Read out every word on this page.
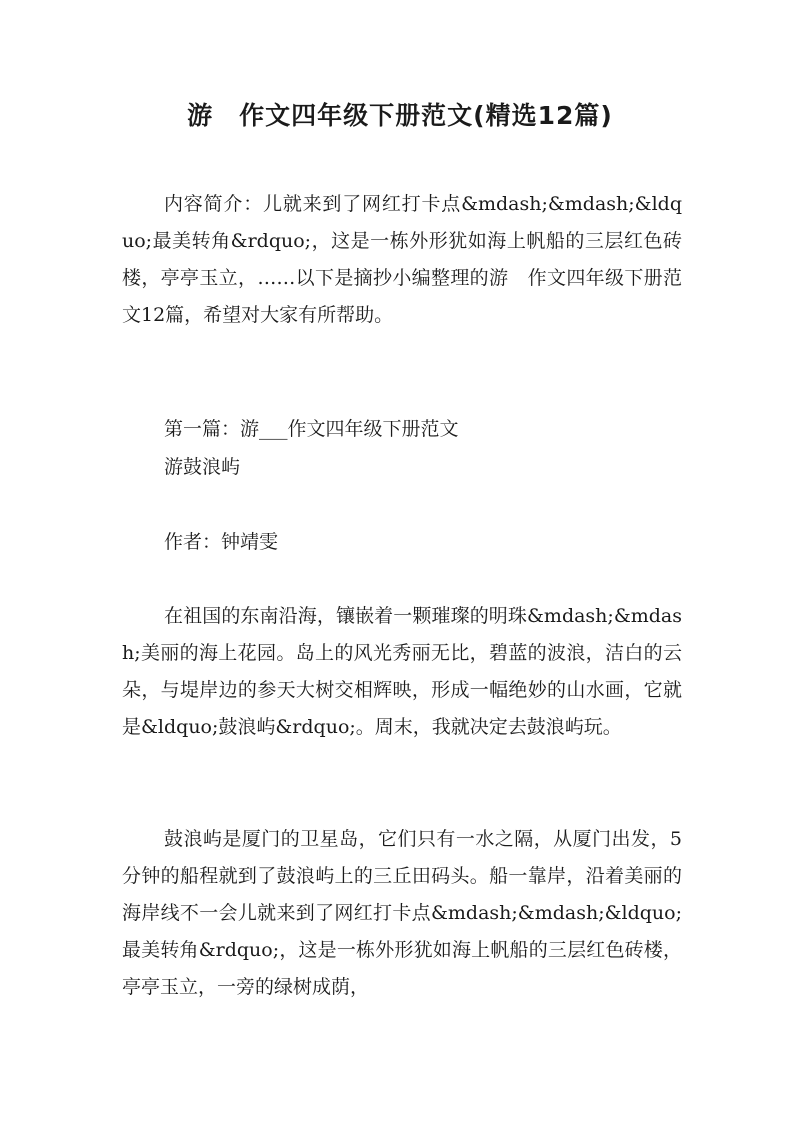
游　作文四年级下册范文(精选12篇)
内容简介：儿就来到了网红打卡点&mdash;&mdash;&ldquo;最美转角&rdquo;，这是一栋外形犹如海上帆船的三层红色砖楼，亭亭玉立，……以下是摘抄小编整理的游　作文四年级下册范文12篇，希望对大家有所帮助。
第一篇：游___作文四年级下册范文
游鼓浪屿
作者：钟靖雯
在祖国的东南沿海，镶嵌着一颗璀璨的明珠&mdash;&mdash;美丽的海上花园。岛上的风光秀丽无比，碧蓝的波浪，洁白的云朵，与堤岸边的参天大树交相辉映，形成一幅绝妙的山水画，它就是&ldquo;鼓浪屿&rdquo;。周末，我就决定去鼓浪屿玩。
鼓浪屿是厦门的卫星岛，它们只有一水之隔，从厦门出发，5分钟的船程就到了鼓浪屿上的三丘田码头。船一靠岸，沿着美丽的海岸线不一会儿就来到了网红打卡点&mdash;&mdash;&ldquo;最美转角&rdquo;，这是一栋外形犹如海上帆船的三层红色砖楼，亭亭玉立，一旁的绿树成荫，
